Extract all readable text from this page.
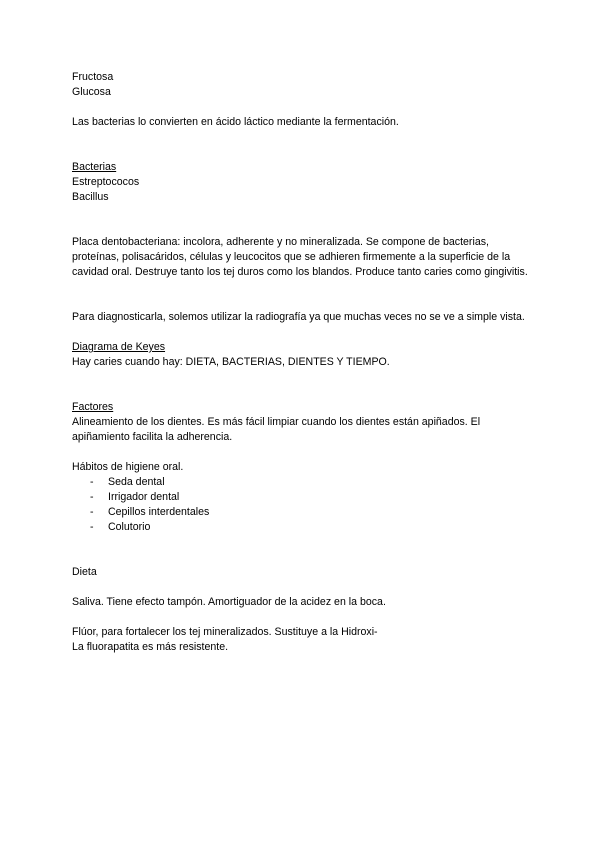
Fructosa

Glucosa

Las bacterias lo convierten en ácido láctico mediante la fermentación.

Bacterias

Estreptococos

Bacillus

Placa dentobacteriana: incolora, adherente y no mineralizada. Se compone de bacterias, proteínas, polisacáridos, células y leucocitos que se adhieren firmemente a la superficie de la cavidad oral. Destruye tanto los tej duros como los blandos. Produce tanto caries como gingivitis.

Para diagnosticarla, solemos utilizar la radiografía ya que muchas veces no se ve a simple vista.

Diagrama de Keyes

Hay caries cuando hay: DIETA, BACTERIAS, DIENTES Y TIEMPO.

Factores

Alineamiento de los dientes. Es más fácil limpiar cuando los dientes están apiñados. El apiñamiento facilita la adherencia.

Hábitos de higiene oral.

- Seda dental
- Irrigador dental
- Cepillos interdentales
- Colutorio

Dieta

Saliva. Tiene efecto tampón. Amortiguador de la acidez en la boca.

Flúor, para fortalecer los tej mineralizados. Sustituye a la Hidroxi-

La fluorapatita es más resistente.
